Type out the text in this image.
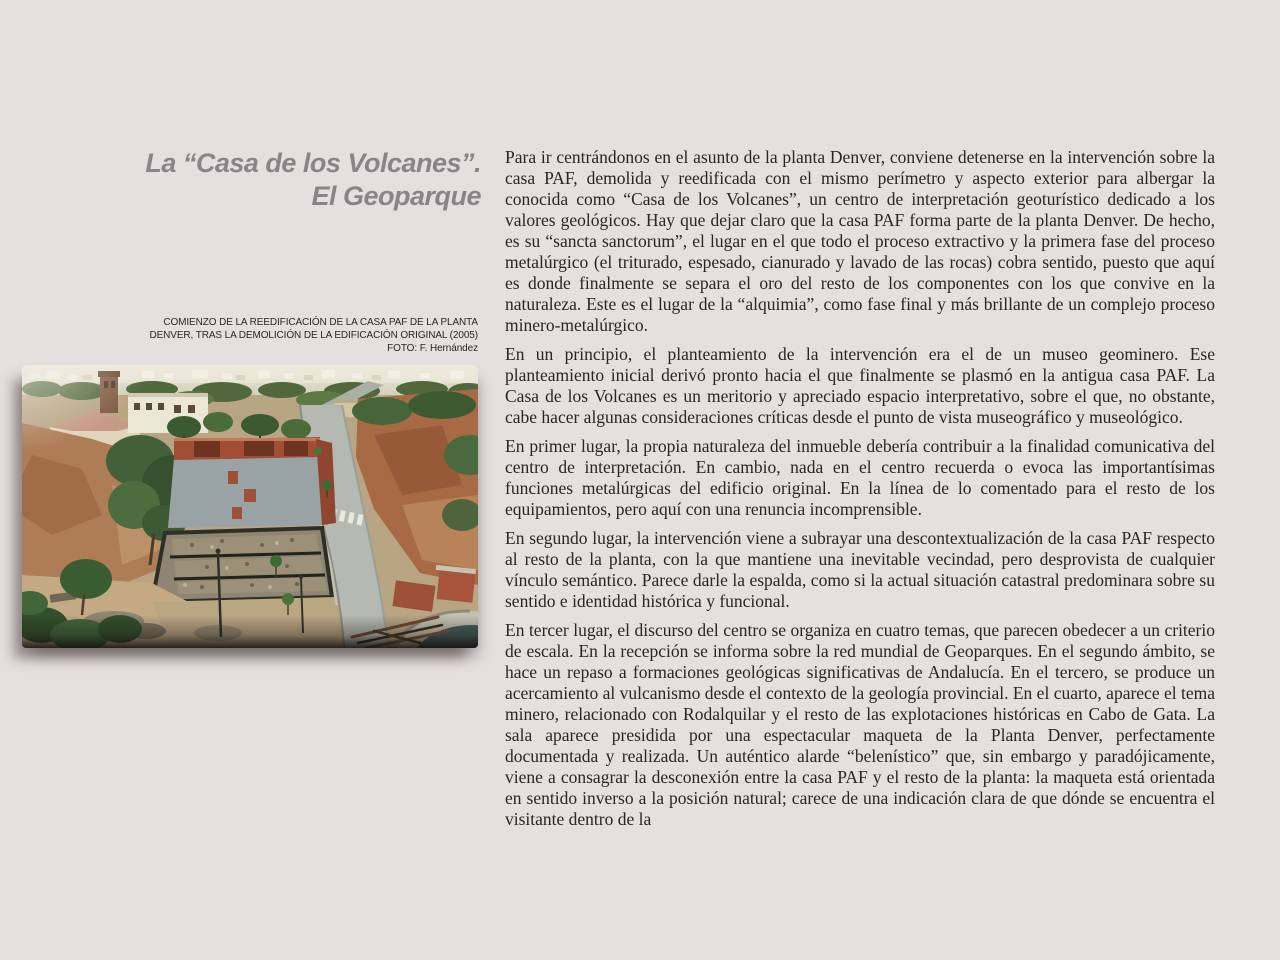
La “Casa de los Volcanes”.
El Geoparque
COMIENZO DE LA REEDIFICACIÓN DE LA CASA PAF DE LA PLANTA
DENVER, TRAS LA DEMOLICIÓN DE LA EDIFICACIÓN ORIGINAL (2005)
FOTO: F. Hernández

Para ir centrándonos en el asunto de la planta Denver, conviene detenerse en la intervención sobre la casa PAF, demolida y reedificada con el mismo perímetro y aspecto exterior para albergar la conocida como “Casa de los Volcanes”, un centro de interpretación geoturístico dedicado a los valores geológicos. Hay que dejar claro que la casa PAF forma parte de la planta Denver. De hecho, es su “sancta sanctorum”, el lugar en el que todo el proceso extractivo y la primera fase del proceso metalúrgico (el triturado, espesado, cianurado y lavado de las rocas) cobra sentido, puesto que aquí es donde finalmente se separa el oro del resto de los componentes con los que convive en la naturaleza. Este es el lugar de la “alquimia”, como fase final y más brillante de un complejo proceso minero-metalúrgico.

En un principio, el planteamiento de la intervención era el de un museo geominero. Ese planteamiento inicial derivó pronto hacia el que finalmente se plasmó en la antigua casa PAF. La Casa de los Volcanes es un meritorio y apreciado espacio interpretativo, sobre el que, no obstante, cabe hacer algunas consideraciones críticas desde el punto de vista museográfico y museológico.

En primer lugar, la propia naturaleza del inmueble debería contribuir a la finalidad comunicativa del centro de interpretación. En cambio, nada en el centro recuerda o evoca las importantísimas funciones metalúrgicas del edificio original. En la línea de lo comentado para el resto de los equipamientos, pero aquí con una renuncia incomprensible.

En segundo lugar, la intervención viene a subrayar una descontextualización de la casa PAF respecto al resto de la planta, con la que mantiene una inevitable vecindad, pero desprovista de cualquier vínculo semántico. Parece darle la espalda, como si la actual situación catastral predominara sobre su sentido e identidad histórica y funcional.

En tercer lugar, el discurso del centro se organiza en cuatro temas, que parecen obedecer a un criterio de escala. En la recepción se informa sobre la red mundial de Geoparques. En el segundo ámbito, se hace un repaso a formaciones geológicas significativas de Andalucía. En el tercero, se produce un acercamiento al vulcanismo desde el contexto de la geología provincial. En el cuarto, aparece el tema minero, relacionado con Rodalquilar y el resto de las explotaciones históricas en Cabo de Gata. La sala aparece presidida por una espectacular maqueta de la Planta Denver, perfectamente documentada y realizada. Un auténtico alarde “belenístico” que, sin embargo y paradójicamente, viene a consagrar la desconexión entre la casa PAF y el resto de la planta: la maqueta está orientada en sentido inverso a la posición natural; carece de una indicación clara de que dónde se encuentra el visitante dentro de la
